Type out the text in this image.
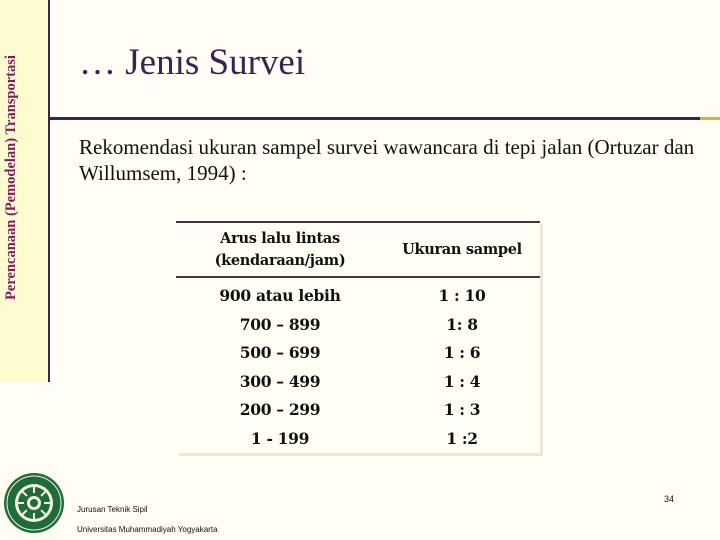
Perencanaan (Pemodelan) Transportasi … Jenis Survei

Rekomendasi ukuran sampel survei wawancara di tepi jalan (Ortuzar dan Willumsem, 1994) :

Arus lalu lintas (kendaraan/jam)
Ukuran sampel
900 atau lebih
700 – 899
500 – 699
300 – 499
200 – 299
1 - 199
1 : 10
1: 8
1 : 6
1 : 4
1 : 3
1 :2
Jurusan Teknik Sipil
Universitas Muhammadiyah Yogyakarta
34
